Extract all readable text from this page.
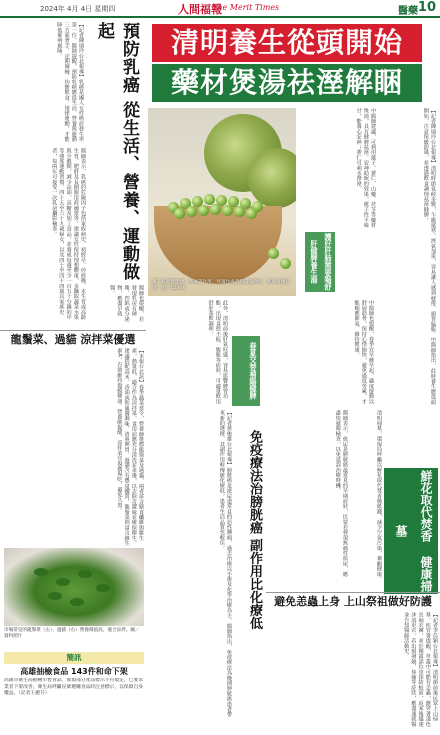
2024年 4月 4日 星期四	人間福報
The Merit Times	醫藥 10
預防乳癌 從生活、營養、運動做起
【記者陳瑞玲台北報導】乳癌是國人女性癌症發生率第一位，醫師提醒，預防乳癌應從生活、營養與運動三方面著手，定期篩檢、均衡飲食、規律運動，才能降低罹病風險。
醫師表示，乳癌的危險因子包括家族病史、初經早、停經晚、未生育或高齡生育、肥胖及長期服用荷爾蒙等。建議女性保持理想體重，多攝取蔬菜水果與全穀類，減少高油、高糖及加工食品，並養成每週至少一百五十分鐘的中等強度運動習慣。四十五至六十九歲婦女，以及四十至四十四歲具家族史者，每兩年可接受一次乳房攝影檢查。
醫師也提醒，若發現乳房有硬塊、凹陷或分泌物，應盡早就醫。
清明養生從頭開始
藥材煲湯祛溼解睏
【記者陳瑞玲台北報導】清明時節氣候多變，乍暖還寒，溼氣加重，容易讓人感到疲倦、頭昏腦脹。中醫師指出，此時養生應從頭開始，注意保暖防風，並透過飲食調理祛溼健脾。
蓮子有健脾化溼、利尿等作用，建議作成清潤湯品飲用，幫助身體祛溼。圖／123RF
中醫師建議，可利用蓮子、薏仁、山藥、茯苓等藥材煲湯，具有健脾祛溼、安神助眠的效果。蓮子性平味甘，能養心安神；薏仁可利水滲溼。
護好肝肺需要喝舒肝健脾養生湯
此外，清明前後肝氣旺盛，容易影響脾胃功能，出現食慾不振、腹脹等症狀，可適量飲用舒肝茶飲調理。
春夏交替補陽健脾	中醫師也提醒，春季宜早睡早起，適度運動以舒展筋骨，保持心情愉快，避免過度勞累，才能順應節氣、維持健康。
免疫療法治膀胱癌 副作用比化療低
【記者黃俊雄台北報導】膀胱癌是泌尿道常見的惡性腫瘤，過去治療以手術及化學治療為主。醫師指出，免疫療法為晚期膀胱癌患者帶來新的選擇，其副作用較傳統化療低，患者生活品質也較佳。	醫師表示，血尿是膀胱癌最常見的早期症狀，民眾若發現無痛性血尿，應盡快就醫檢查，以免延誤治療時機。
鮮花取代焚香 健康掃墓
清明掃墓，環保局呼籲以鮮花取代焚香燒紙錢，減少空氣污染，兼顧健康。
避免恙蟲上身 上山祭祖做好防護
【記者李佳穎台北報導】清明節前後民眾上山掃墓，疾管署提醒，草叢中可能有恙蟲，應穿著淺色長袖衣褲，並於裸露部位塗抹防蚊液，返家後儘速沐浴更衣。若出現發燒、焦痂等症狀，應盡速就醫並告知醫師活動史。
龍鬚菜、過貓 涼拌菜優選
【本報台北訊】春季蔬菜當令，營養師推薦龍鬚菜及過貓，兩者富含膳食纖維與維生素，熱量低，適合作為涼拌菜。食用前應充分清洗並汆燙，以去除苦澀味並確保衛生。建議搭配蒜末、香油或和風醬調味，清爽開胃。過貓含有豐富鐵質，龍鬚菜則富含維生素A，有助維持黏膜健康。營養師提醒，涼拌菜宜現做現吃，避免久置。
市場常見的龍鬚菜（左）、過貓（右）營養價值高，適合涼拌。圖／資料照片
簡訊
高雄抽檢食品 143件和命下架
高雄市衛生局抽檢市售食品，發現部分產品標示不符規定，已要求業者下架改善。衛生局呼籲民眾選購食品時注意標示，以保障自身權益。（記者王麗芬）
